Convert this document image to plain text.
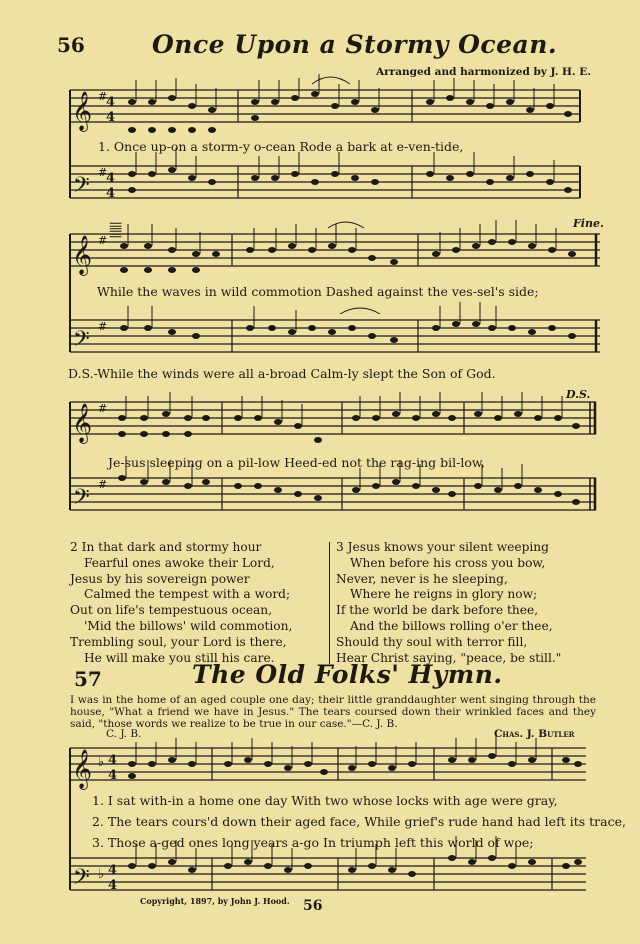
56	Once Upon a Stormy Ocean.
Arranged and harmonized by J. H. E.
𝄞
𝄢
#
#
4
4
4
4
1. Once up-on a storm-y o-cean Rode a bark at e-ven-tide,
𝄞
𝄢
#
#
𝄛	Fine.
While the waves in wild commotion Dashed against the ves-sel's side;
D.S.-While the winds were all a-broad Calm-ly slept the Son of God.
𝄞
𝄢
#
#
D.S.
Je-sus sleeping on a pil-low Heed-ed not the rag-ing bil-low,
2 In that dark and stormy hour
Fearful ones awoke their Lord,
Jesus by his sovereign power
Calmed the tempest with a word;
Out on life's tempestuous ocean,
'Mid the billows' wild commotion,
Trembling soul, your Lord is there,
He will make you still his care.
3 Jesus knows your silent weeping
When before his cross you bow,
Never, never is he sleeping,
Where he reigns in glory now;
If the world be dark before thee,
And the billows rolling o'er thee,
Should thy soul with terror fill,
Hear Christ saying, "peace, be still."
57	The Old Folks' Hymn.
I was in the home of an aged couple one day; their little granddaughter went singing through the house, "What a friend we have in Jesus." The tears coursed down their wrinkled faces and they said, "those words we realize to be true in our case."—C. J. B.
C. J. B.	Chas. J. Butler
𝄞
𝄢
♭
♭
4
4
4
4
1. I sat with-in a home one day With two whose locks with age were gray,
2. The tears cours'd down their aged face, While grief's rude hand had left its trace,
3. Those a-ged ones long years a-go In triumph left this world of woe;
Copyright, 1897, by John J. Hood. 56
